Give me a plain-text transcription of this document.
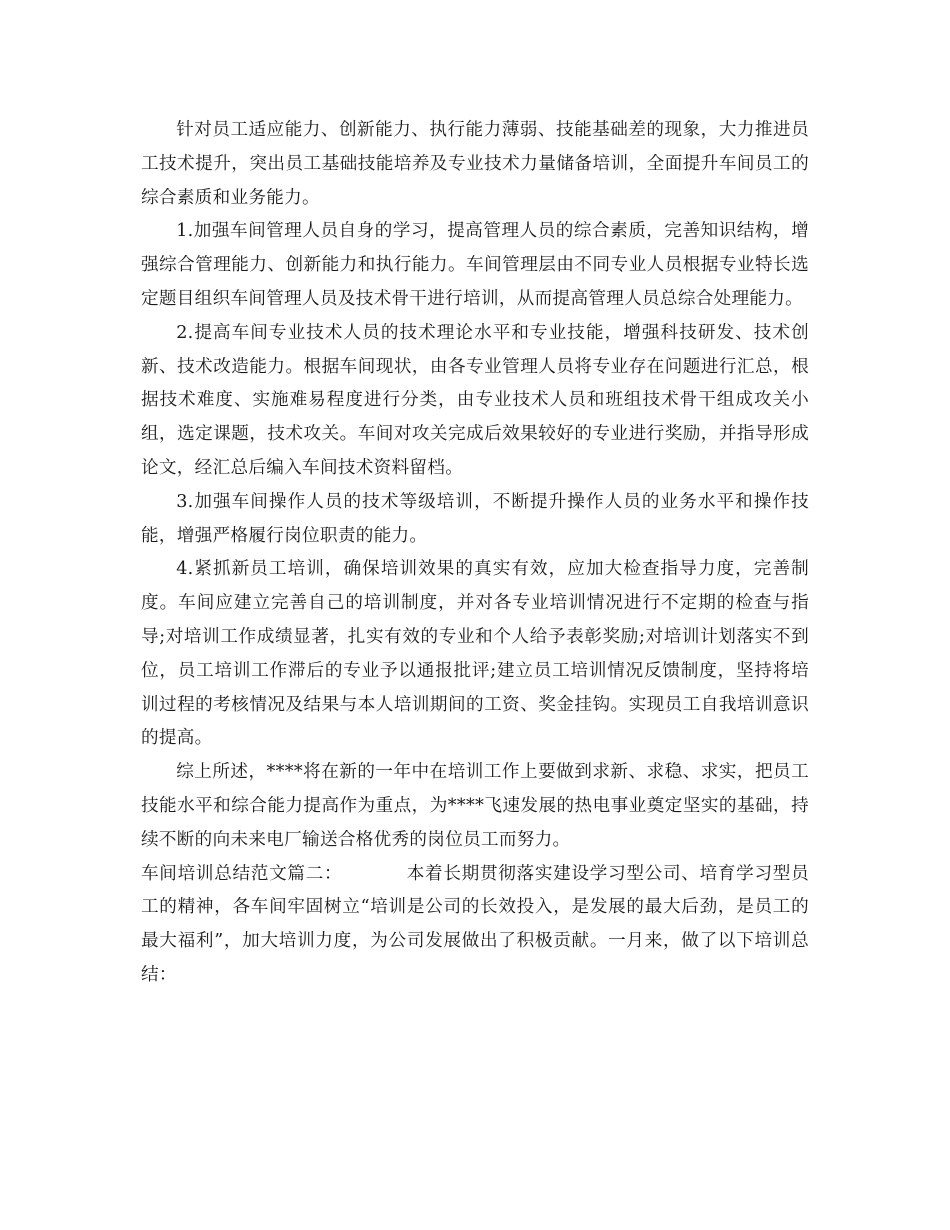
针对员工适应能力、创新能力、执行能力薄弱、技能基础差的现象，大力推进员工技术提升，突出员工基础技能培养及专业技术力量储备培训，全面提升车间员工的综合素质和业务能力。

1.加强车间管理人员自身的学习，提高管理人员的综合素质，完善知识结构，增强综合管理能力、创新能力和执行能力。车间管理层由不同专业人员根据专业特长选定题目组织车间管理人员及技术骨干进行培训，从而提高管理人员总综合处理能力。

2.提高车间专业技术人员的技术理论水平和专业技能，增强科技研发、技术创新、技术改造能力。根据车间现状，由各专业管理人员将专业存在问题进行汇总，根据技术难度、实施难易程度进行分类，由专业技术人员和班组技术骨干组成攻关小组，选定课题，技术攻关。车间对攻关完成后效果较好的专业进行奖励，并指导形成论文，经汇总后编入车间技术资料留档。

3.加强车间操作人员的技术等级培训，不断提升操作人员的业务水平和操作技能，增强严格履行岗位职责的能力。

4.紧抓新员工培训，确保培训效果的真实有效，应加大检查指导力度，完善制度。车间应建立完善自己的培训制度，并对各专业培训情况进行不定期的检查与指导;对培训工作成绩显著，扎实有效的专业和个人给予表彰奖励;对培训计划落实不到位，员工培训工作滞后的专业予以通报批评;建立员工培训情况反馈制度，坚持将培训过程的考核情况及结果与本人培训期间的工资、奖金挂钩。实现员工自我培训意识的提高。

综上所述，****将在新的一年中在培训工作上要做到求新、求稳、求实，把员工技能水平和综合能力提高作为重点，为****飞速发展的热电事业奠定坚实的基础，持续不断的向未来电厂输送合格优秀的岗位员工而努力。

车间培训总结范文篇二：	本着长期贯彻落实建设学习型公司、培育学习型员工的精神，各车间牢固树立“培训是公司的长效投入，是发展的最大后劲，是员工的最大福利”，加大培训力度，为公司发展做出了积极贡献。一月来，做了以下培训总结：
